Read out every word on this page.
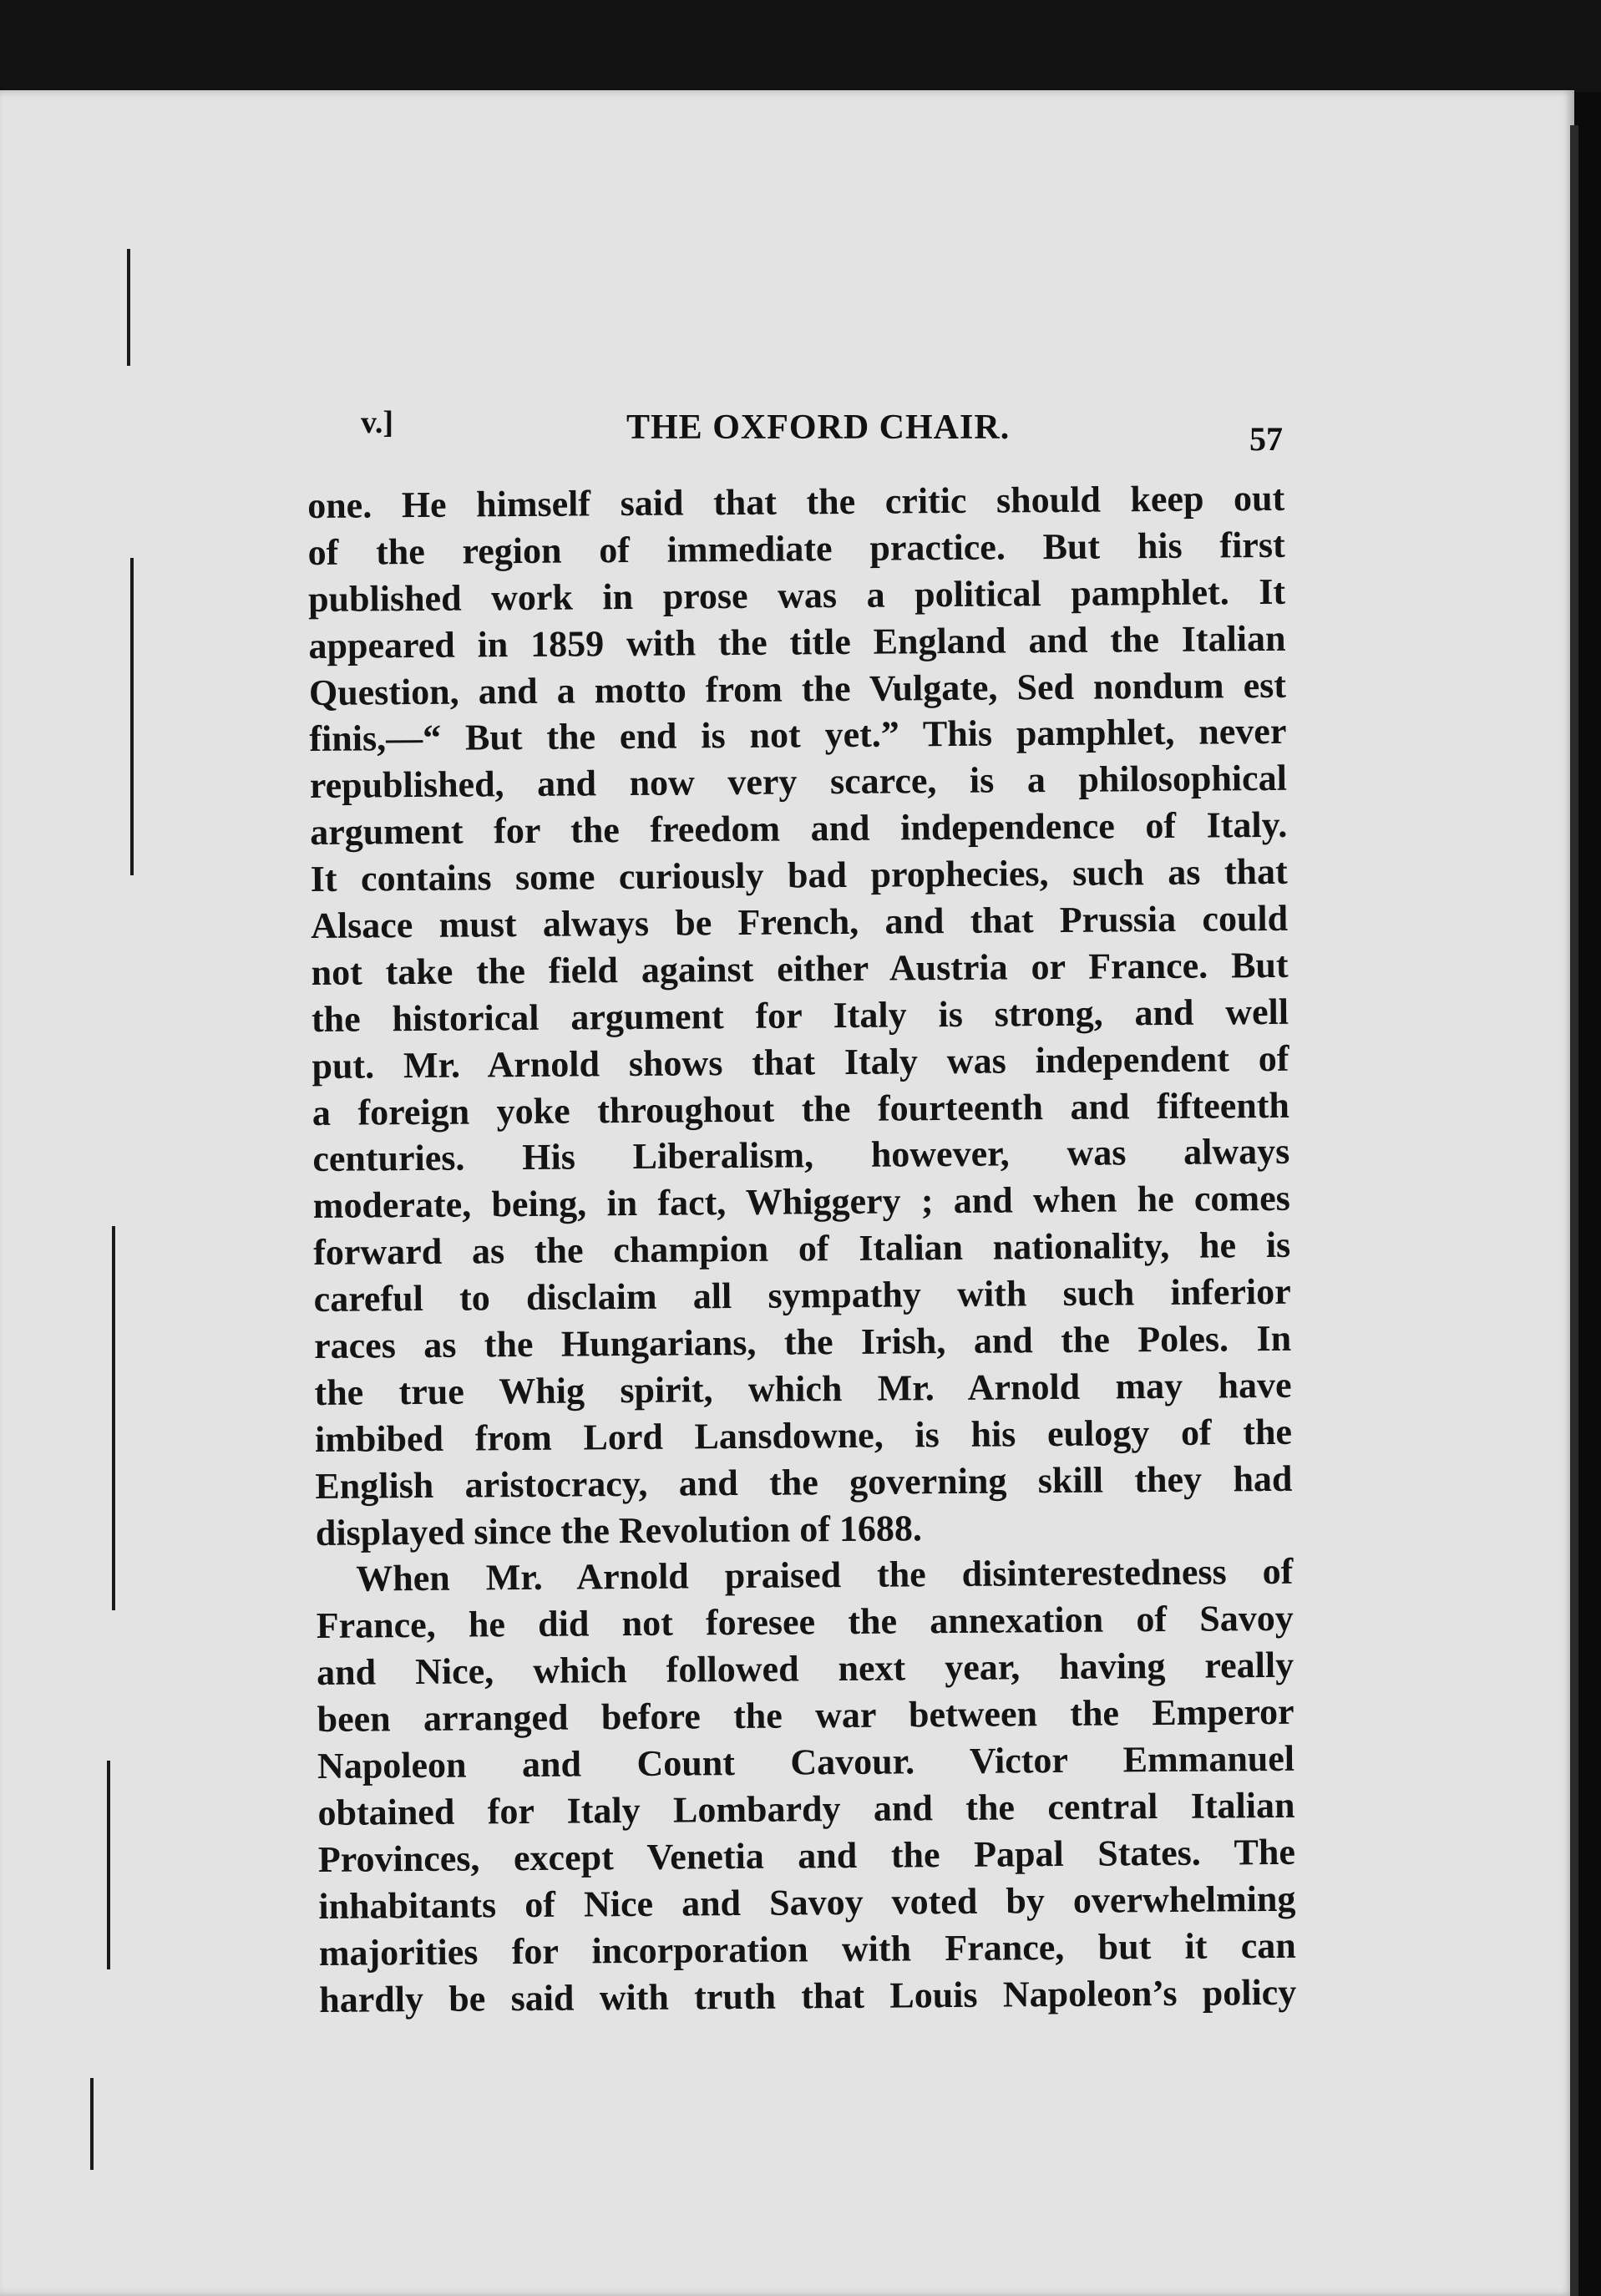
v.]	THE OXFORD CHAIR.	57
one. He himself said that the critic should keep out
of the region of immediate practice. But his first
published work in prose was a political pamphlet. It
appeared in 1859 with the title England and the Italian
Question, and a motto from the Vulgate, Sed nondum est
finis,—“ But the end is not yet.” This pamphlet, never
republished, and now very scarce, is a philosophical
argument for the freedom and independence of Italy.
It contains some curiously bad prophecies, such as that
Alsace must always be French, and that Prussia could
not take the field against either Austria or France. But
the historical argument for Italy is strong, and well
put. Mr. Arnold shows that Italy was independent of
a foreign yoke throughout the fourteenth and fifteenth
centuries. His Liberalism, however, was always
moderate, being, in fact, Whiggery ; and when he comes
forward as the champion of Italian nationality, he is
careful to disclaim all sympathy with such inferior
races as the Hungarians, the Irish, and the Poles. In
the true Whig spirit, which Mr. Arnold may have
imbibed from Lord Lansdowne, is his eulogy of the
English aristocracy, and the governing skill they had
displayed since the Revolution of 1688.
When Mr. Arnold praised the disinterestedness of
France, he did not foresee the annexation of Savoy
and Nice, which followed next year, having really
been arranged before the war between the Emperor
Napoleon and Count Cavour. Victor Emmanuel
obtained for Italy Lombardy and the central Italian
Provinces, except Venetia and the Papal States. The
inhabitants of Nice and Savoy voted by overwhelming
majorities for incorporation with France, but it can
hardly be said with truth that Louis Napoleon’s policy
